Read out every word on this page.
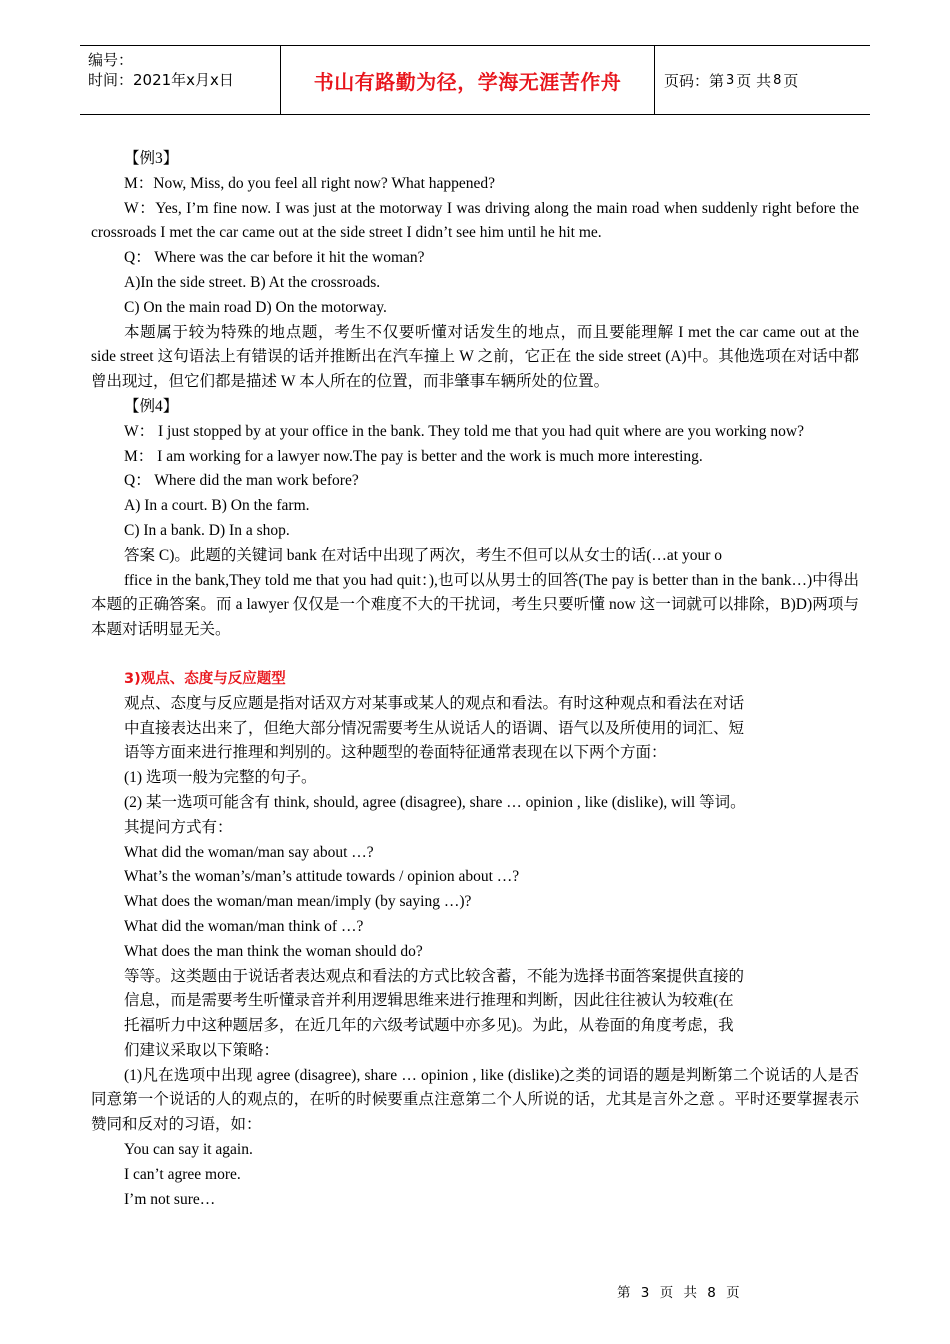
编号：
时间：2021年x月x日	书山有路勤为径，学海无涯苦作舟	页码：第 3 页 共 8 页

【例3】

M：Now, Miss, do you feel all right now? What happened?

W：Yes, I’m fine now. I was just at the motorway I was driving along the main road when suddenly right before the crossroads I met the car came out at the side street I didn’t see him until he hit me.

Q： Where was the car before it hit the woman?

A)In the side street. B) At the crossroads.

C) On the main road D) On the motorway.

本题属于较为特殊的地点题，考生不仅要听懂对话发生的地点，而且要能理解 I met the car came out at the side street 这句语法上有错误的话并推断出在汽车撞上 W 之前，它正在 the side street (A)中。其他选项在对话中都曾出现过，但它们都是描述 W 本人所在的位置，而非肇事车辆所处的位置。

【例4】

W： I just stopped by at your office in the bank. They told me that you had quit where are you working now?

M： I am working for a lawyer now.The pay is better and the work is much more interesting.

Q： Where did the man work before?

A) In a court. B) On the farm.

C) In a bank. D) In a shop.

答案 C)。此题的关键词 bank 在对话中出现了两次，考生不但可以从女士的话(…at your o

ffice in the bank,They told me that you had quit：),也可以从男士的回答(The pay is better than in the bank…)中得出本题的正确答案。而 a lawyer 仅仅是一个难度不大的干扰词，考生只要听懂 now 这一词就可以排除，B)D)两项与本题对话明显无关。

3)观点、态度与反应题型

观点、态度与反应题是指对话双方对某事或某人的观点和看法。有时这种观点和看法在对话

中直接表达出来了，但绝大部分情况需要考生从说话人的语调、语气以及所使用的词汇、短

语等方面来进行推理和判别的。这种题型的卷面特征通常表现在以下两个方面：

(1) 选项一般为完整的句子。

(2) 某一选项可能含有 think, should, agree (disagree), share … opinion , like (dislike), will 等词。

其提问方式有：

What did the woman/man say about …?

What’s the woman’s/man’s attitude towards / opinion about …?

What does the woman/man mean/imply (by saying …)?

What did the woman/man think of …?

What does the man think the woman should do?

等等。这类题由于说话者表达观点和看法的方式比较含蓄，不能为选择书面答案提供直接的

信息，而是需要考生听懂录音并利用逻辑思维来进行推理和判断，因此往往被认为较难(在

托福听力中这种题居多，在近几年的六级考试题中亦多见)。为此，从卷面的角度考虑，我

们建议采取以下策略：

(1)凡在选项中出现 agree (disagree), share … opinion , like (dislike)之类的词语的题是判断第二个说话的人是否同意第一个说话的人的观点的，在听的时候要重点注意第二个人所说的话，尤其是言外之意 。平时还要掌握表示赞同和反对的习语，如：

You can say it again.

I can’t agree more.

I’m not sure…

第 3 页 共 8 页
